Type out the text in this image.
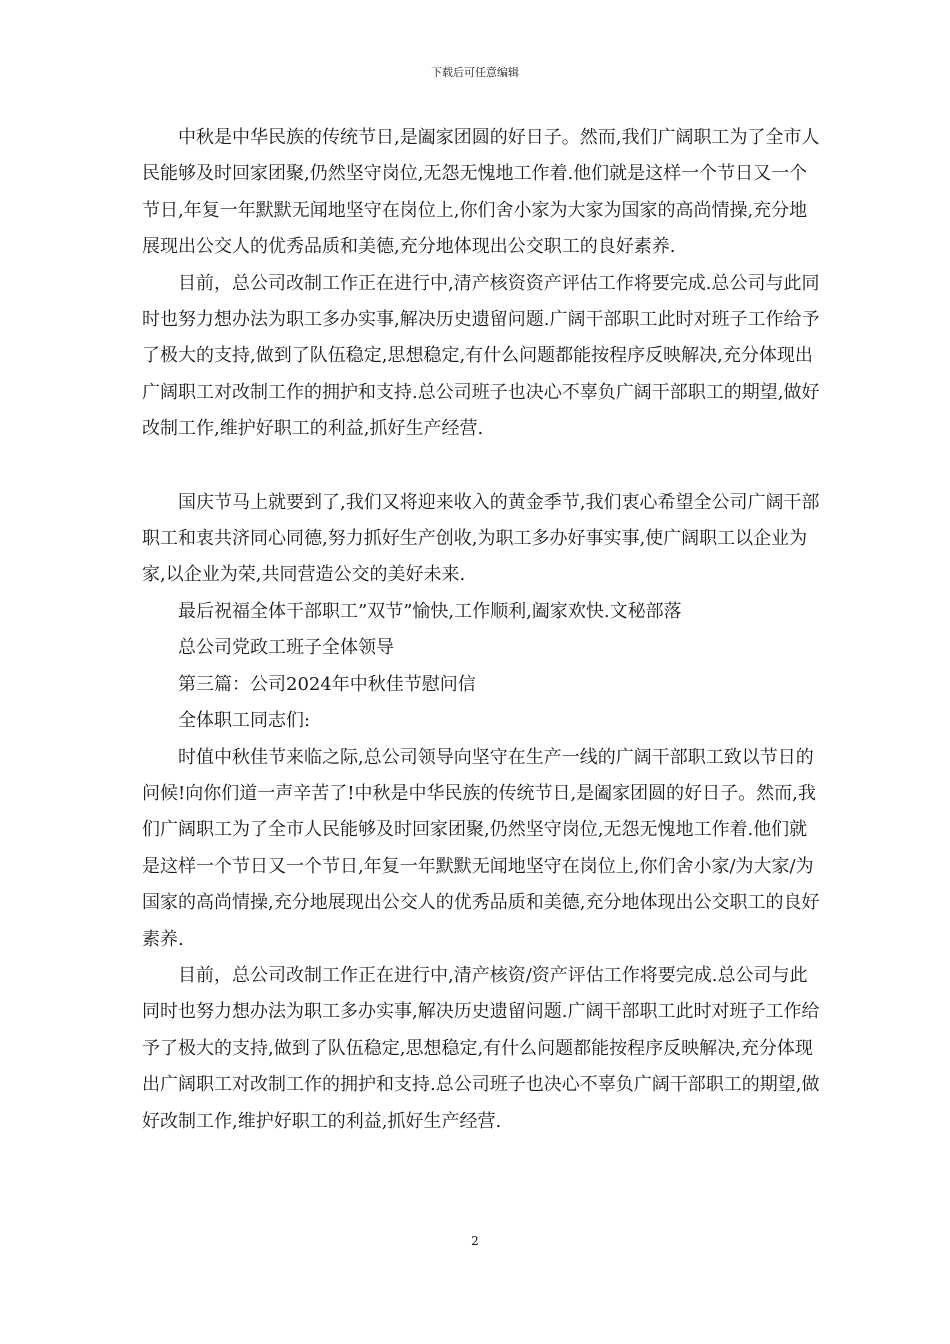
下载后可任意编辑

中秋是中华民族的传统节日,是阖家团圆的好日子。然而,我们广阔职工为了全市人民能够及时回家团聚,仍然坚守岗位,无怨无愧地工作着.他们就是这样一个节日又一个节日,年复一年默默无闻地坚守在岗位上,你们舍小家为大家为国家的高尚情操,充分地展现出公交人的优秀品质和美德,充分地体现出公交职工的良好素养.

目前，总公司改制工作正在进行中,清产核资资产评估工作将要完成.总公司与此同时也努力想办法为职工多办实事,解决历史遗留问题.广阔干部职工此时对班子工作给予了极大的支持,做到了队伍稳定,思想稳定,有什么问题都能按程序反映解决,充分体现出广阔职工对改制工作的拥护和支持.总公司班子也决心不辜负广阔干部职工的期望,做好改制工作,维护好职工的利益,抓好生产经营.

国庆节马上就要到了,我们又将迎来收入的黄金季节,我们衷心希望全公司广阔干部职工和衷共济同心同德,努力抓好生产创收,为职工多办好事实事,使广阔职工以企业为家,以企业为荣,共同营造公交的美好未来.

最后祝福全体干部职工”双节”愉快,工作顺利,阖家欢快.文秘部落

总公司党政工班子全体领导

第三篇：公司2024年中秋佳节慰问信

全体职工同志们:

时值中秋佳节来临之际,总公司领导向坚守在生产一线的广阔干部职工致以节日的问候!向你们道一声辛苦了!中秋是中华民族的传统节日,是阖家团圆的好日子。然而,我们广阔职工为了全市人民能够及时回家团聚,仍然坚守岗位,无怨无愧地工作着.他们就是这样一个节日又一个节日,年复一年默默无闻地坚守在岗位上,你们舍小家/为大家/为国家的高尚情操,充分地展现出公交人的优秀品质和美德,充分地体现出公交职工的良好素养.

目前，总公司改制工作正在进行中,清产核资/资产评估工作将要完成.总公司与此同时也努力想办法为职工多办实事,解决历史遗留问题.广阔干部职工此时对班子工作给予了极大的支持,做到了队伍稳定,思想稳定,有什么问题都能按程序反映解决,充分体现出广阔职工对改制工作的拥护和支持.总公司班子也决心不辜负广阔干部职工的期望,做好改制工作,维护好职工的利益,抓好生产经营.

2
